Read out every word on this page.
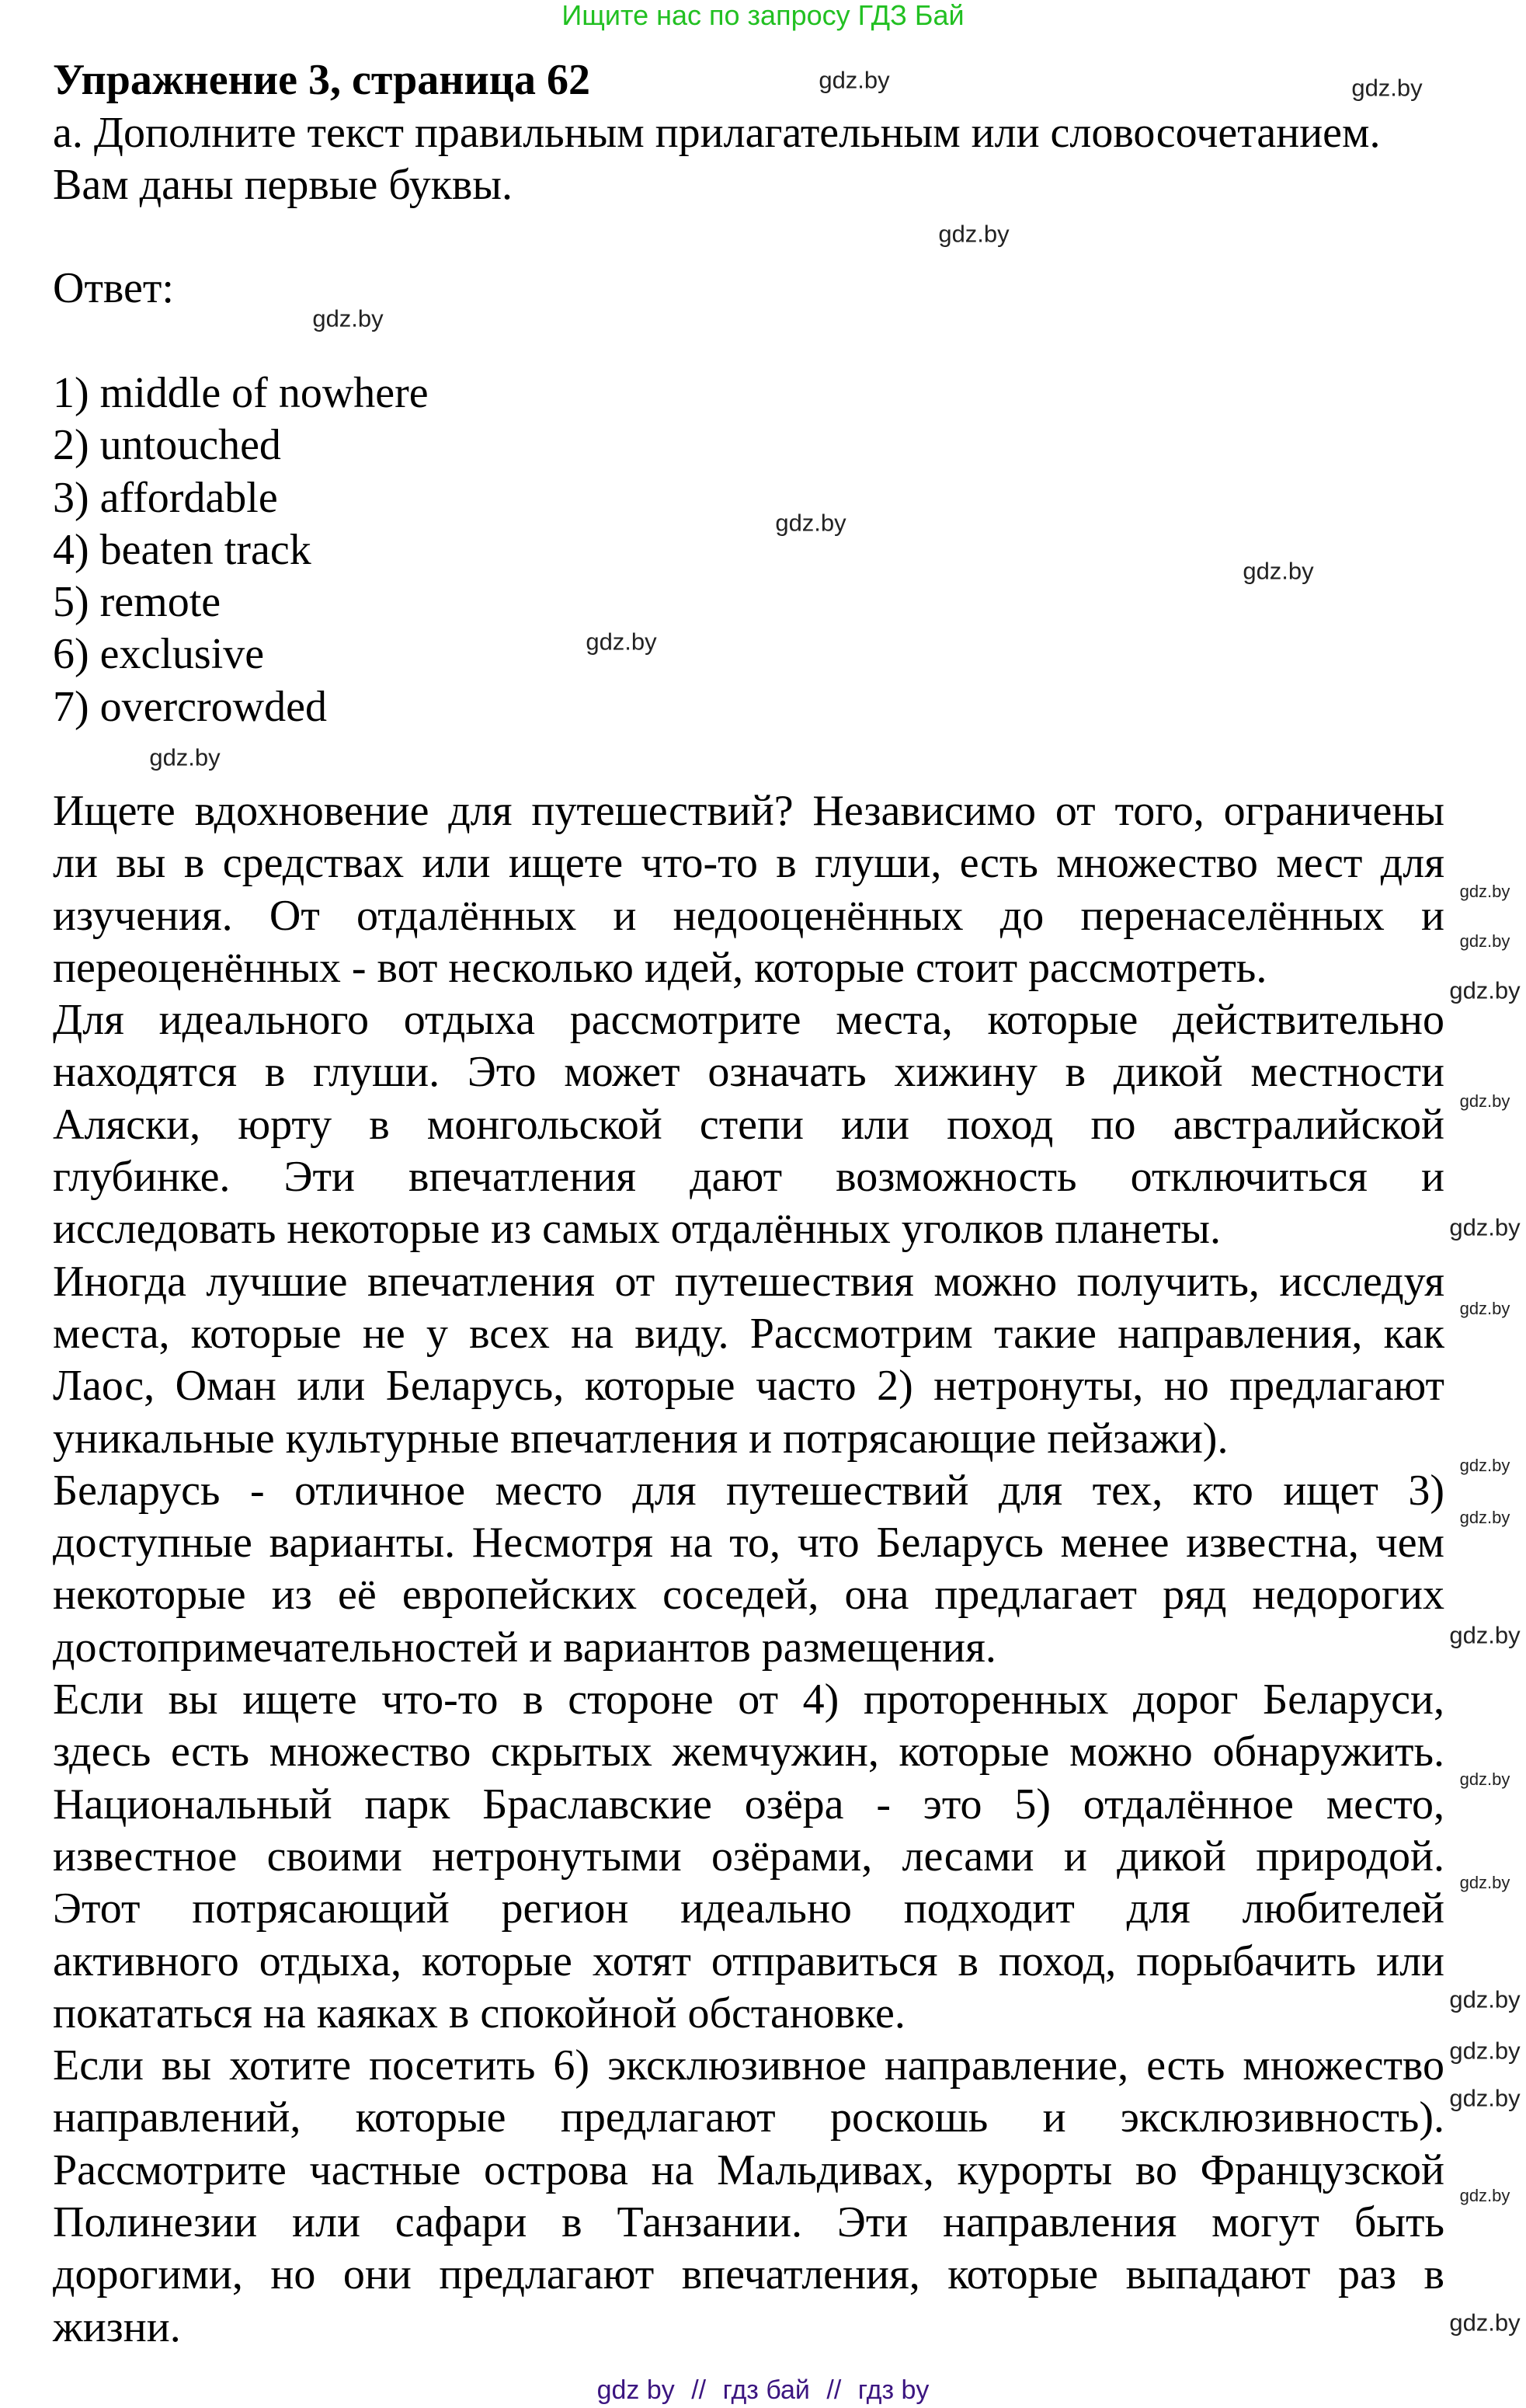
Ищите нас по запросу ГДЗ Бай
Упражнение 3, страница 62
а. Дополните текст правильным прилагательным или словосочетанием.
Вам даны первые буквы.
Ответ:
1) middle of nowhere
2) untouched
3) affordable
4) beaten track
5) remote
6) exclusive
7) overcrowded
Ищете вдохновение для путешествий? Независимо от того, ограничены
ли вы в средствах или ищете что-то в глуши, есть множество мест для
изучения. От отдалённых и недооценённых до перенаселённых и
переоценённых - вот несколько идей, которые стоит рассмотреть.
Для идеального отдыха рассмотрите места, которые действительно
находятся в глуши. Это может означать хижину в дикой местности
Аляски, юрту в монгольской степи или поход по австралийской
глубинке. Эти впечатления дают возможность отключиться и
исследовать некоторые из самых отдалённых уголков планеты.
Иногда лучшие впечатления от путешествия можно получить, исследуя
места, которые не у всех на виду. Рассмотрим такие направления, как
Лаос, Оман или Беларусь, которые часто 2) нетронуты, но предлагают
уникальные культурные впечатления и потрясающие пейзажи).
Беларусь - отличное место для путешествий для тех, кто ищет 3)
доступные варианты. Несмотря на то, что Беларусь менее известна, чем
некоторые из её европейских соседей, она предлагает ряд недорогих
достопримечательностей и вариантов размещения.
Если вы ищете что-то в стороне от 4) проторенных дорог Беларуси,
здесь есть множество скрытых жемчужин, которые можно обнаружить.
Национальный парк Браславские озёра - это 5) отдалённое место,
известное своими нетронутыми озёрами, лесами и дикой природой.
Этот потрясающий регион идеально подходит для любителей
активного отдыха, которые хотят отправиться в поход, порыбачить или
покататься на каяках в спокойной обстановке.
Если вы хотите посетить 6) эксклюзивное направление, есть множество
направлений, которые предлагают роскошь и эксклюзивность).
Рассмотрите частные острова на Мальдивах, курорты во Французской
Полинезии или сафари в Танзании. Эти направления могут быть
дорогими, но они предлагают впечатления, которые выпадают раз в
жизни.
gdz.by	gdz.by
gdz.by
gdz.by
gdz.by
gdz.by
gdz.by
gdz.by
gdz.by
gdz.by
gdz.by
gdz.by
gdz.by
gdz.by
gdz.by
gdz.by
gdz.by
gdz.by
gdz.by
gdz.by
gdz.by
gdz.by
gdz.by
gdz.by
gdz by // гдз бай // гдз by
